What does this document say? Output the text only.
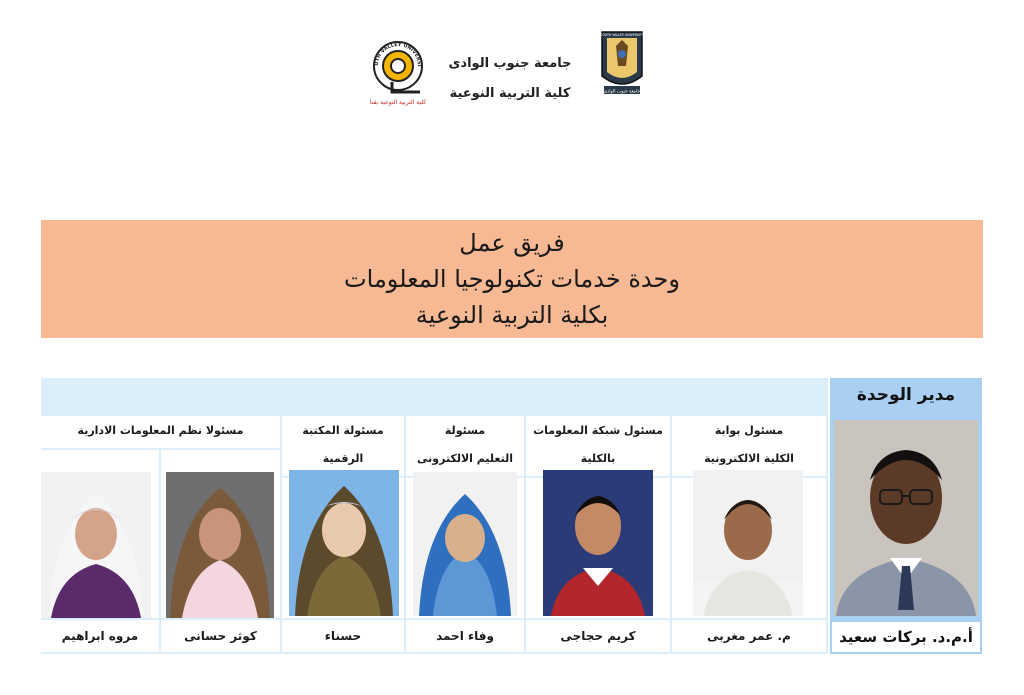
جامعة جنوب الوادى
SOUTH VALLEY UNIVERSITY
جامعة جنوب الوادى
كلية التربية النوعية
UTH VALLEY UNIVERSI
كلية التربية النوعية بقنا
فريق عمل
وحدة خدمات تكنولوجيا المعلومات
بكلية التربية النوعية
مسئول بوابة
الكلية الالكترونية
مسئول شبكة المعلومات
بالكلية
مسئولة
التعليم الالكترونى
مسئولة المكتبة
الرقمية
مسئولا نظم المعلومات الادارية
م. عمر مغربى
كريم حجاجى
وفاء احمد
حسناء
كوثر حسانى
مروه ابراهيم
مدير الوحدة
أ.م.د. بركات سعيد
